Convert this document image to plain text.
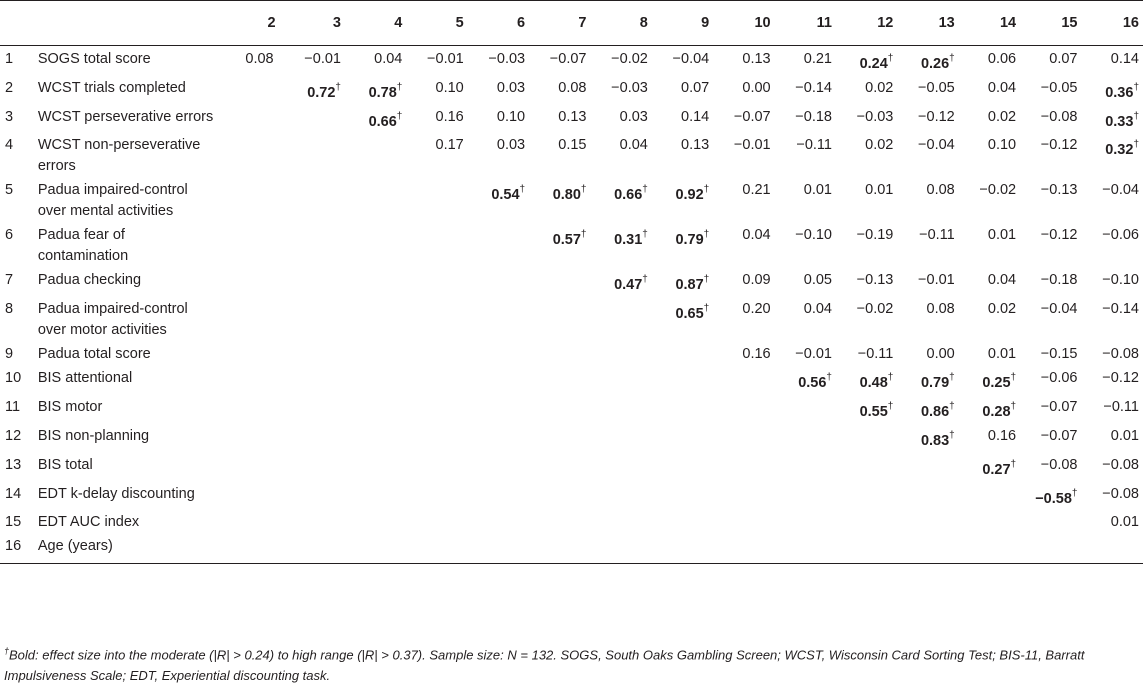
		2	3	4	5	6	7	8	9	10	11	12	13	14	15	16
1	SOGS total score	0.08	−0.01	0.04	−0.01	−0.03	−0.07	−0.02	−0.04	0.13	0.21	0.24 †	0.26 †	0.06	0.07	0.14
2	WCST trials completed		0.72 †	0.78 †	0.10	0.03	0.08	−0.03	0.07	0.00	−0.14	0.02	−0.05	0.04	−0.05	0.36 †
3	WCST perseverative errors			0.66 †	0.16	0.10	0.13	0.03	0.14	−0.07	−0.18	−0.03	−0.12	0.02	−0.08	0.33 †
4	WCST non-perseverative errors				0.17	0.03	0.15	0.04	0.13	−0.01	−0.11	0.02	−0.04	0.10	−0.12	0.32 †
5	Padua impaired-control over mental activities					0.54 †	0.80 †	0.66 †	0.92 †	0.21	0.01	0.01	0.08	−0.02	−0.13	−0.04
6	Padua fear of contamination						0.57 †	0.31 †	0.79 †	0.04	−0.10	−0.19	−0.11	0.01	−0.12	−0.06
7	Padua checking							0.47 †	0.87 †	0.09	0.05	−0.13	−0.01	0.04	−0.18	−0.10
8	Padua impaired-control over motor activities								0.65 †	0.20	0.04	−0.02	0.08	0.02	−0.04	−0.14
9	Padua total score									0.16	−0.01	−0.11	0.00	0.01	−0.15	−0.08
10	BIS attentional										0.56 †	0.48 †	0.79 †	0.25 †	−0.06	−0.12
11	BIS motor											0.55 †	0.86 †	0.28 †	−0.07	−0.11
12	BIS non-planning												0.83 †	0.16	−0.07	0.01
13	BIS total													0.27 †	−0.08	−0.08
14	EDT k-delay discounting														−0.58 †	−0.08
15	EDT AUC index															0.01
16	Age (years)															
†Bold: effect size into the moderate (|R| > 0.24) to high range (|R| > 0.37). Sample size: N = 132. SOGS, South Oaks Gambling Screen; WCST, Wisconsin Card Sorting Test; BIS-11, Barratt Impulsiveness Scale; EDT, Experiential discounting task.
